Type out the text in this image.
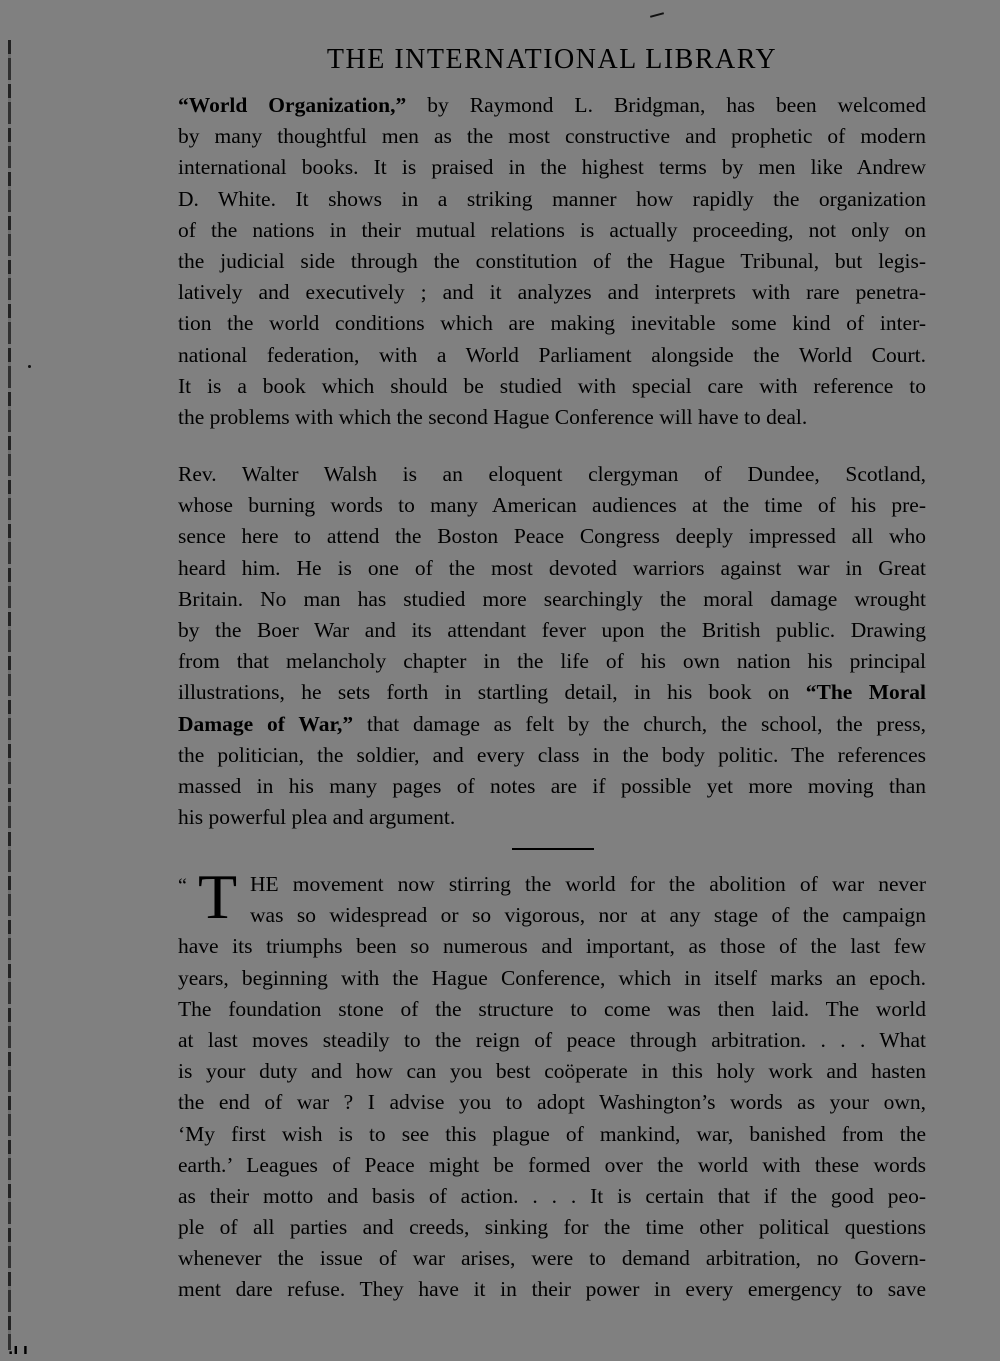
.ı ı
THE INTERNATIONAL LIBRARY
“World Organization,” by Raymond L. Bridgman, has been welcomed
by many thoughtful men as the most constructive and prophetic of modern
international books. It is praised in the highest terms by men like Andrew
D. White. It shows in a striking manner how rapidly the organization
of the nations in their mutual relations is actually proceeding, not only on
the judicial side through the constitution of the Hague Tribunal, but legis-
latively and executively ; and it analyzes and interprets with rare penetra-
tion the world conditions which are making inevitable some kind of inter-
national federation, with a World Parliament alongside the World Court.
It is a book which should be studied with special care with reference to
the problems with which the second Hague Conference will have to deal.
Rev. Walter Walsh is an eloquent clergyman of Dundee, Scotland,
whose burning words to many American audiences at the time of his pre-
sence here to attend the Boston Peace Congress deeply impressed all who
heard him. He is one of the most devoted warriors against war in Great
Britain. No man has studied more searchingly the moral damage wrought
by the Boer War and its attendant fever upon the British public. Drawing
from that melancholy chapter in the life of his own nation his principal
illustrations, he sets forth in startling detail, in his book on “The Moral
Damage of War,” that damage as felt by the church, the school, the press,
the politician, the soldier, and every class in the body politic. The references
massed in his many pages of notes are if possible yet more moving than
his powerful plea and argument.
“ T HE movement now stirring the world for the abolition of war never
was so widespread or so vigorous, nor at any stage of the campaign
have its triumphs been so numerous and important, as those of the last few
years, beginning with the Hague Conference, which in itself marks an epoch.
The foundation stone of the structure to come was then laid. The world
at last moves steadily to the reign of peace through arbitration. . . . What
is your duty and how can you best coöperate in this holy work and hasten
the end of war ? I advise you to adopt Washington’s words as your own,
‘My first wish is to see this plague of mankind, war, banished from the
earth.’ Leagues of Peace might be formed over the world with these words
as their motto and basis of action. . . . It is certain that if the good peo-
ple of all parties and creeds, sinking for the time other political questions
whenever the issue of war arises, were to demand arbitration, no Govern-
ment dare refuse. They have it in their power in every emergency to save
